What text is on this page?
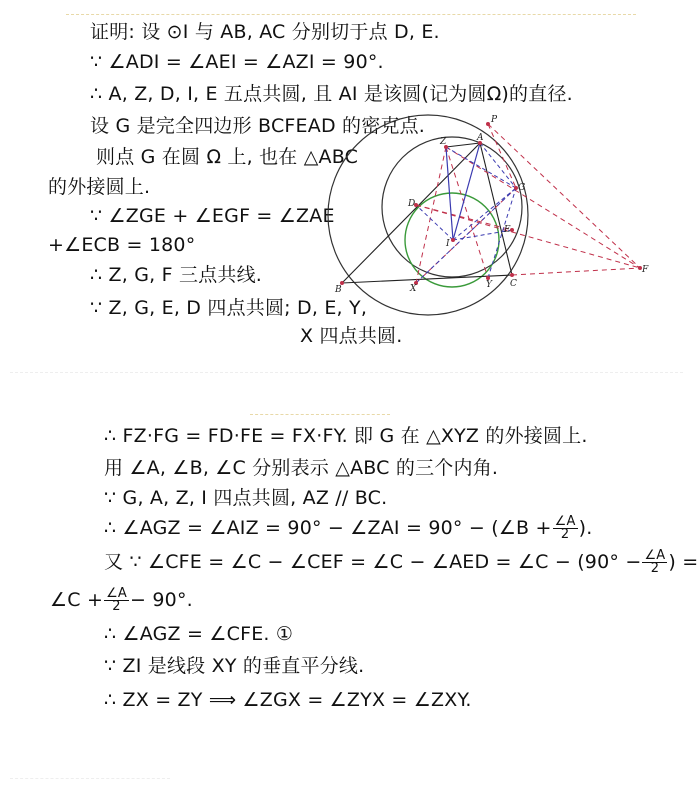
证明: 设 ⊙I 与 AB, AC 分别切于点 D, E.
∵ ∠ADI = ∠AEI = ∠AZI = 90°.
∴ A, Z, D, I, E 五点共圆, 且 AI 是该圆(记为圆Ω)的直径.
设 G 是完全四边形 BCFEAD 的密克点.
则点 G 在圆 Ω 上, 也在 △ABC
的外接圆上.
∵ ∠ZGE + ∠EGF = ∠ZAE
+∠ECB = 180°
∴ Z, G, F 三点共线.
∵ Z, G, E, D 四点共圆; D, E, Y,
X 四点共圆.
P
Z	A
G
D
I
E
B	X	Y C
F
∴ FZ·FG = FD·FE = FX·FY. 即 G 在 △XYZ 的外接圆上.
用 ∠A, ∠B, ∠C 分别表示 △ABC 的三个内角.
∵ G, A, Z, I 四点共圆, AZ // BC.
∴ ∠AGZ = ∠AIZ = 90° − ∠ZAI = 90° − (∠B + $\frac{\angle A}{2}$ ).
又 ∵ ∠CFE = ∠C − ∠CEF = ∠C − ∠AED = ∠C − ($90^\circ - \frac{\angle A}{2}$ ) =
∠C + $\frac{\angle A}{2} - 90^\circ$.
∴ ∠AGZ = ∠CFE. ①
∵ ZI 是线段 XY 的垂直平分线.
∴ ZX = ZY ⟹ ∠ZGX = ∠ZYX = ∠ZXY.
